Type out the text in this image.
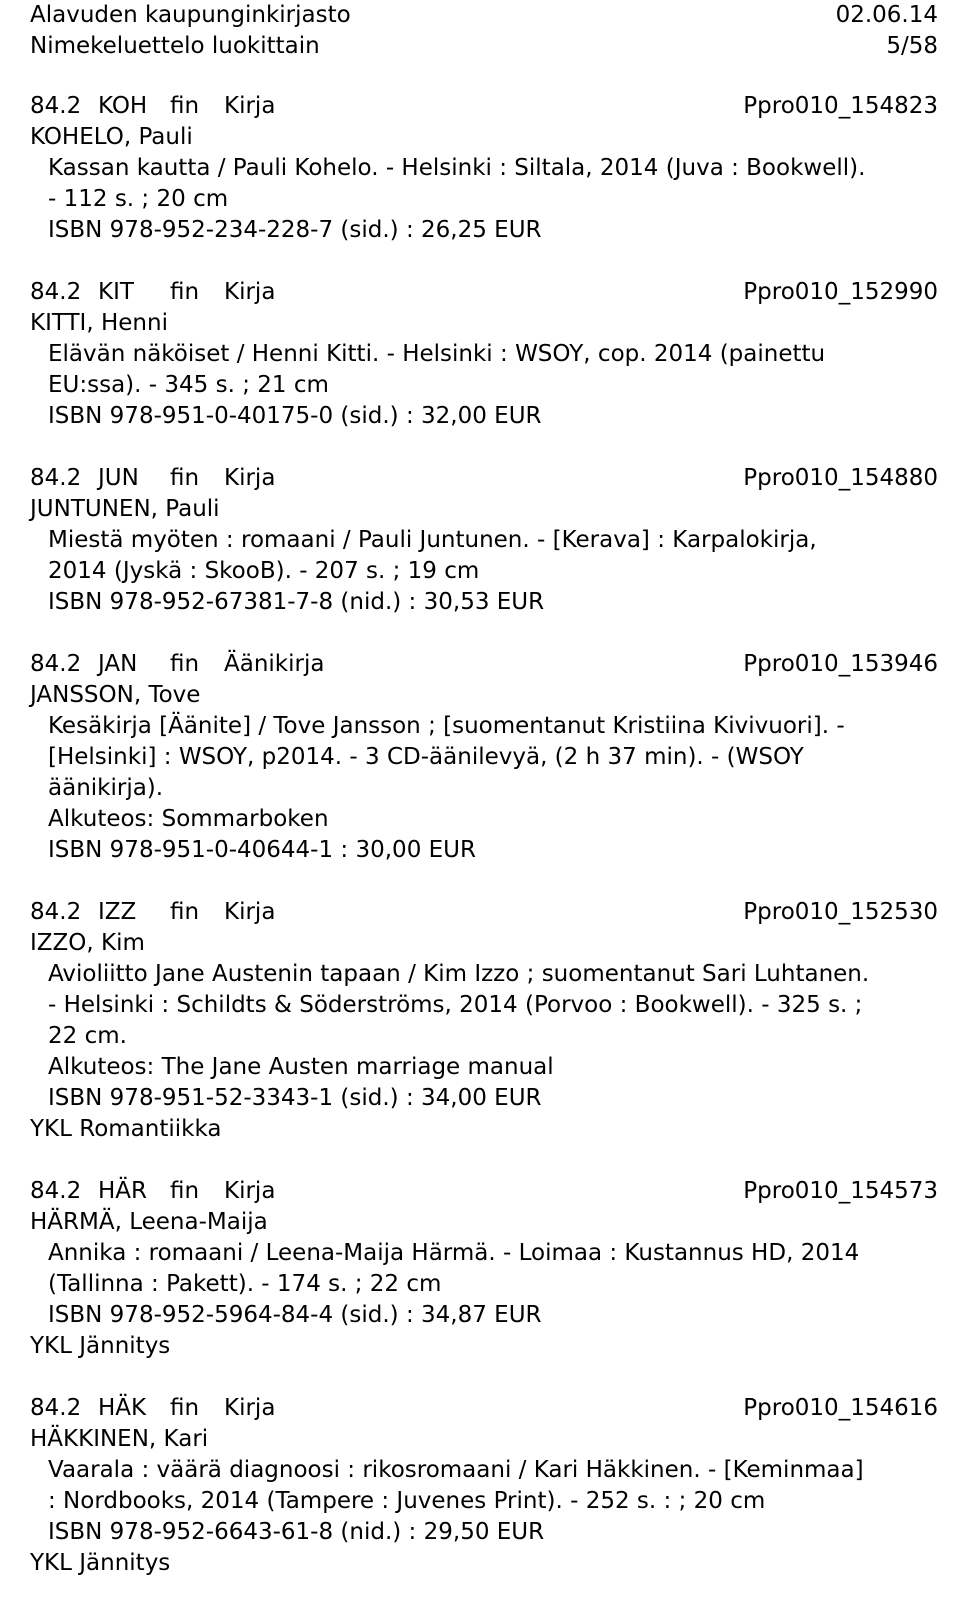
Alavuden kaupunginkirjasto	02.06.14
Nimekeluettelo luokittain	5/58
84.2 KOH fin	Kirja	Ppro010_154823
KOHELO, Pauli
Kassan kautta / Pauli Kohelo. - Helsinki : Siltala, 2014 (Juva : Bookwell).
- 112 s. ; 20 cm
ISBN 978-952-234-228-7 (sid.) : 26,25 EUR
84.2 KIT	fin	Kirja	Ppro010_152990
KITTI, Henni
Elävän näköiset / Henni Kitti. - Helsinki : WSOY, cop. 2014 (painettu
EU:ssa). - 345 s. ; 21 cm
ISBN 978-951-0-40175-0 (sid.) : 32,00 EUR
84.2 JUN	fin	Kirja	Ppro010_154880
JUNTUNEN, Pauli
Miestä myöten : romaani / Pauli Juntunen. - [Kerava] : Karpalokirja,
2014 (Jyskä : SkooB). - 207 s. ; 19 cm
ISBN 978-952-67381-7-8 (nid.) : 30,53 EUR
84.2 JAN	fin	Äänikirja	Ppro010_153946
JANSSON, Tove
Kesäkirja [Äänite] / Tove Jansson ; [suomentanut Kristiina Kivivuori]. -
[Helsinki] : WSOY, p2014. - 3 CD-äänilevyä, (2 h 37 min). - (WSOY
äänikirja).
Alkuteos: Sommarboken
ISBN 978-951-0-40644-1 : 30,00 EUR
84.2 IZZ	fin	Kirja	Ppro010_152530
IZZO, Kim
Avioliitto Jane Austenin tapaan / Kim Izzo ; suomentanut Sari Luhtanen.
- Helsinki : Schildts & Söderströms, 2014 (Porvoo : Bookwell). - 325 s. ;
22 cm.
Alkuteos: The Jane Austen marriage manual
ISBN 978-951-52-3343-1 (sid.) : 34,00 EUR
YKL Romantiikka
84.2 HÄR fin	Kirja	Ppro010_154573
HÄRMÄ, Leena-Maija
Annika : romaani / Leena-Maija Härmä. - Loimaa : Kustannus HD, 2014
(Tallinna : Pakett). - 174 s. ; 22 cm
ISBN 978-952-5964-84-4 (sid.) : 34,87 EUR
YKL Jännitys
84.2 HÄK	fin	Kirja	Ppro010_154616
HÄKKINEN, Kari
Vaarala : väärä diagnoosi : rikosromaani / Kari Häkkinen. - [Keminmaa]
: Nordbooks, 2014 (Tampere : Juvenes Print). - 252 s. : ; 20 cm
ISBN 978-952-6643-61-8 (nid.) : 29,50 EUR
YKL Jännitys
